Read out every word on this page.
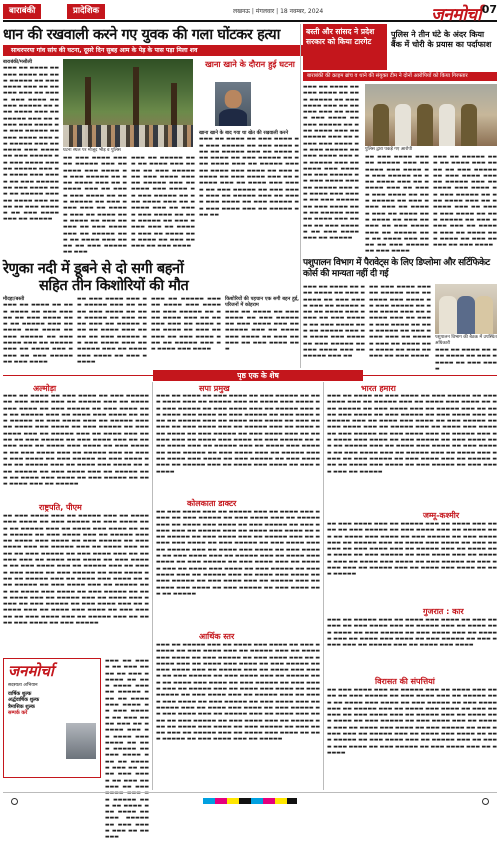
बाराबंकी	प्रादेशिक	लखनऊ | मंगलवार | 18 नवम्बर, 2024	जनमोर्चा 07
धान की रखवाली करने गए युवक की गला घोंटकर हत्या
साथरपरया गांव सांय की घटना, दूसरे दिन सुबह आम के पेड़ के पास पड़ा मिला शव
बाराबंकी/मसौली
▬▬▬ ▬▬ ▬▬▬▬ ▬▬ ▬▬▬ ▬▬▬▬ ▬▬ ▬▬▬ ▬▬▬▬▬ ▬▬ ▬▬▬ ▬▬▬▬ ▬▬▬ ▬▬ ▬▬▬▬▬ ▬▬▬ ▬▬ ▬▬▬▬ ▬▬▬ ▬▬▬▬ ▬▬ ▬▬▬ ▬▬▬▬▬ ▬▬ ▬▬▬ ▬▬▬▬ ▬▬▬ ▬▬ ▬▬▬▬▬ ▬▬▬ ▬▬ ▬▬▬▬ ▬▬▬ ▬▬▬▬ ▬▬ ▬▬▬ ▬▬▬▬▬ ▬▬ ▬▬▬ ▬▬▬▬ ▬▬▬ ▬▬ ▬▬▬▬▬ ▬▬▬ ▬▬ ▬▬▬▬ ▬▬▬ ▬▬▬▬ ▬▬ ▬▬▬ ▬▬▬▬▬ ▬▬ ▬▬▬ ▬▬▬▬ ▬▬▬ ▬▬ ▬▬▬▬▬ ▬▬▬ ▬▬ ▬▬▬▬ ▬▬▬ ▬▬▬▬ ▬▬ ▬▬▬ ▬▬▬▬▬ ▬▬ ▬▬▬ ▬▬▬▬ ▬▬▬ ▬▬ ▬▬▬▬▬ ▬▬▬ ▬▬ ▬▬▬▬ ▬▬▬ ▬▬▬▬ ▬▬ ▬▬▬ ▬▬▬▬▬ ▬▬ ▬▬▬ ▬▬▬▬ ▬▬▬ ▬▬ ▬▬▬▬▬
घटना स्थल पर मौजूद भीड़ व पुलिस
खाना खाने के दौरान हुई घटना
▬▬ ▬▬▬ ▬▬▬▬ ▬▬▬ ▬▬ ▬▬▬▬▬ ▬▬▬ ▬▬ ▬▬▬▬ ▬▬▬ ▬▬▬▬ ▬▬ ▬▬▬ ▬▬▬▬▬ ▬▬ ▬▬▬ ▬▬▬▬ ▬▬▬ ▬▬ ▬▬▬▬▬ ▬▬▬ ▬▬ ▬▬▬▬ ▬▬▬ ▬▬▬▬ ▬▬ ▬▬▬ ▬▬▬▬▬ ▬▬ ▬▬▬ ▬▬▬▬ ▬▬▬ ▬▬ ▬▬▬▬▬ ▬▬▬ ▬▬ ▬▬▬▬ ▬▬▬ ▬▬▬▬ ▬▬ ▬▬▬ ▬▬▬▬▬ ▬▬ ▬▬▬ ▬▬▬▬ ▬▬▬ ▬▬ ▬▬▬▬▬ ▬▬▬ ▬▬ ▬▬▬▬ ▬▬▬ ▬▬▬▬ ▬▬ ▬▬▬ ▬▬▬▬▬ ▬▬ ▬▬▬
▬▬▬ ▬▬ ▬▬▬▬▬ ▬▬▬ ▬▬ ▬▬▬▬ ▬▬▬ ▬▬▬▬ ▬▬ ▬▬▬ ▬▬▬▬▬ ▬▬ ▬▬▬ ▬▬▬▬ ▬▬▬ ▬▬ ▬▬▬▬▬ ▬▬▬ ▬▬ ▬▬▬▬ ▬▬▬ ▬▬▬▬ ▬▬ ▬▬▬ ▬▬▬▬▬ ▬▬ ▬▬▬ ▬▬▬▬ ▬▬▬ ▬▬ ▬▬▬▬▬ ▬▬▬ ▬▬ ▬▬▬▬ ▬▬▬ ▬▬▬▬ ▬▬ ▬▬▬ ▬▬▬▬▬ ▬▬ ▬▬▬ ▬▬▬▬ ▬▬▬ ▬▬ ▬▬▬▬▬ ▬▬▬ ▬▬ ▬▬▬▬ ▬▬▬ ▬▬▬▬ ▬▬ ▬▬▬ ▬▬▬▬▬ ▬▬ ▬▬▬ ▬▬▬▬
खाना खाने के बाद गया था खेत की रखवाली करने
▬▬▬ ▬▬ ▬▬▬▬ ▬▬ ▬▬▬ ▬▬▬▬ ▬▬ ▬▬▬ ▬▬▬▬▬ ▬▬ ▬▬▬ ▬▬▬▬ ▬▬▬ ▬▬ ▬▬▬▬▬ ▬▬▬ ▬▬ ▬▬▬▬ ▬▬▬ ▬▬▬▬ ▬▬ ▬▬▬ ▬▬▬▬▬ ▬▬ ▬▬▬ ▬▬▬▬ ▬▬▬ ▬▬ ▬▬▬▬▬ ▬▬▬ ▬▬ ▬▬▬▬ ▬▬▬ ▬▬▬▬ ▬▬ ▬▬▬ ▬▬▬▬▬ ▬▬ ▬▬▬ ▬▬▬▬ ▬▬▬ ▬▬ ▬▬▬▬▬ ▬▬▬ ▬▬ ▬▬▬▬ ▬▬▬ ▬▬▬▬ ▬▬ ▬▬▬ ▬▬▬▬▬ ▬▬ ▬▬▬ ▬▬▬▬ ▬▬▬ ▬▬ ▬▬▬▬▬ ▬▬▬ ▬▬ ▬▬▬▬ ▬▬▬ ▬▬▬▬ ▬▬ ▬▬▬ ▬▬▬▬▬ ▬▬ ▬▬▬ ▬▬▬▬ ▬▬▬ ▬▬ ▬▬▬▬▬ ▬▬▬ ▬▬
बस्ती और सांसद ने प्रदेश सरकार को किया टारगेट
पुलिस ने तीन घंटे के अंदर किया बैंक में चोरी के प्रयास का पर्दाफाश
बाराबंकी की क्राइम ब्रांच व थाने की संयुक्त टीम ने दोनों आरोपियों को किया गिरफ्तार
▬▬▬ ▬▬ ▬▬▬▬ ▬▬ ▬▬▬ ▬▬▬▬ ▬▬ ▬▬▬ ▬▬▬▬▬ ▬▬ ▬▬▬ ▬▬▬▬ ▬▬▬ ▬▬ ▬▬▬▬▬ ▬▬▬ ▬▬ ▬▬▬▬ ▬▬▬ ▬▬▬▬ ▬▬ ▬▬▬ ▬▬▬▬▬ ▬▬ ▬▬▬ ▬▬▬▬ ▬▬▬ ▬▬ ▬▬▬▬▬ ▬▬▬ ▬▬ ▬▬▬▬ ▬▬▬ ▬▬▬▬ ▬▬ ▬▬▬ ▬▬▬▬▬ ▬▬ ▬▬▬ ▬▬▬▬ ▬▬▬ ▬▬ ▬▬▬▬▬ ▬▬▬ ▬▬ ▬▬▬▬ ▬▬▬ ▬▬▬▬ ▬▬ ▬▬▬ ▬▬▬▬▬ ▬▬ ▬▬▬ ▬▬▬▬ ▬▬▬ ▬▬ ▬▬▬▬▬ ▬▬▬ ▬▬ ▬▬▬▬ ▬▬▬ ▬▬▬▬ ▬▬ ▬▬▬ ▬▬▬▬▬ ▬▬ ▬▬▬ ▬▬▬▬ ▬▬▬ ▬▬ ▬▬▬▬▬ ▬▬▬ ▬▬ ▬▬▬▬ ▬▬▬ ▬▬▬▬ ▬▬ ▬▬▬ ▬▬▬▬▬ ▬▬ ▬▬▬ ▬▬▬▬ ▬▬▬ ▬▬ ▬▬▬▬▬
पुलिस द्वारा पकड़े गए आरोपी
▬▬ ▬▬▬ ▬▬▬▬ ▬▬▬ ▬▬ ▬▬▬▬▬ ▬▬▬ ▬▬ ▬▬▬▬ ▬▬▬ ▬▬▬▬ ▬▬ ▬▬▬ ▬▬▬▬▬ ▬▬ ▬▬▬ ▬▬▬▬ ▬▬▬ ▬▬ ▬▬▬▬▬ ▬▬▬ ▬▬ ▬▬▬▬ ▬▬▬ ▬▬▬▬ ▬▬ ▬▬▬ ▬▬▬▬▬ ▬▬ ▬▬▬ ▬▬▬▬ ▬▬▬ ▬▬ ▬▬▬▬▬ ▬▬▬ ▬▬ ▬▬▬▬ ▬▬▬ ▬▬▬▬ ▬▬ ▬▬▬ ▬▬▬▬▬ ▬▬ ▬▬▬ ▬▬▬▬ ▬▬▬ ▬▬ ▬▬▬▬▬ ▬▬▬ ▬▬ ▬▬▬▬ ▬▬▬ ▬▬▬▬ ▬▬ ▬▬▬ ▬▬▬▬▬ ▬▬ ▬▬▬ ▬▬▬▬
▬▬▬ ▬▬ ▬▬▬▬▬ ▬▬▬ ▬▬ ▬▬▬▬ ▬▬▬ ▬▬▬▬ ▬▬ ▬▬▬ ▬▬▬▬▬ ▬▬ ▬▬▬ ▬▬▬▬ ▬▬▬ ▬▬ ▬▬▬▬▬ ▬▬▬ ▬▬ ▬▬▬▬ ▬▬▬ ▬▬▬▬ ▬▬ ▬▬▬ ▬▬▬▬▬ ▬▬ ▬▬▬ ▬▬▬▬ ▬▬▬ ▬▬ ▬▬▬▬▬ ▬▬▬ ▬▬ ▬▬▬▬ ▬▬▬ ▬▬▬▬ ▬▬ ▬▬▬ ▬▬▬▬▬ ▬▬ ▬▬▬ ▬▬▬▬ ▬▬▬ ▬▬ ▬▬▬▬▬ ▬▬▬ ▬▬ ▬▬▬▬ ▬▬▬ ▬▬▬▬ ▬▬ ▬▬▬ ▬▬▬▬▬ ▬▬ ▬▬▬ ▬▬▬▬
रेणुका नदी में डूबने से दो सगी बहनों
सहित तीन किशोरियों की मौत
मौदहा/बस्ती
▬▬▬ ▬▬ ▬▬▬▬ ▬▬ ▬▬▬ ▬▬▬▬ ▬▬ ▬▬▬ ▬▬▬▬▬ ▬▬ ▬▬▬ ▬▬▬▬ ▬▬▬ ▬▬ ▬▬▬▬▬ ▬▬▬ ▬▬ ▬▬▬▬ ▬▬▬ ▬▬▬▬ ▬▬ ▬▬▬ ▬▬▬▬▬ ▬▬ ▬▬▬ ▬▬▬▬ ▬▬▬ ▬▬ ▬▬▬▬▬ ▬▬▬ ▬▬ ▬▬▬▬ ▬▬▬ ▬▬▬▬ ▬▬ ▬▬▬ ▬▬▬▬▬ ▬▬ ▬▬▬ ▬▬▬▬
▬▬ ▬▬▬ ▬▬▬▬ ▬▬▬ ▬▬ ▬▬▬▬▬ ▬▬▬ ▬▬ ▬▬▬▬ ▬▬▬ ▬▬▬▬ ▬▬ ▬▬▬ ▬▬▬▬▬ ▬▬ ▬▬▬ ▬▬▬▬ ▬▬▬ ▬▬ ▬▬▬▬▬ ▬▬▬ ▬▬ ▬▬▬▬ ▬▬▬ ▬▬▬▬ ▬▬ ▬▬▬ ▬▬▬▬▬ ▬▬ ▬▬▬ ▬▬▬▬ ▬▬▬ ▬▬ ▬▬▬▬▬ ▬▬▬ ▬▬ ▬▬▬▬ ▬▬▬ ▬▬▬▬ ▬▬ ▬▬▬ ▬▬▬▬▬
▬▬▬ ▬▬ ▬▬▬▬▬ ▬▬▬ ▬▬ ▬▬▬▬ ▬▬▬ ▬▬▬▬ ▬▬ ▬▬▬ ▬▬▬▬▬ ▬▬ ▬▬▬ ▬▬▬▬ ▬▬▬ ▬▬ ▬▬▬▬▬ ▬▬▬ ▬▬ ▬▬▬▬ ▬▬▬ ▬▬▬▬ ▬▬ ▬▬▬ ▬▬▬▬▬ ▬▬ ▬▬▬ ▬▬▬▬ ▬▬▬ ▬▬ ▬▬▬▬▬ ▬▬▬ ▬▬ ▬▬▬▬ ▬▬▬ ▬▬▬▬
किशोरियों की पहचान एक सगी बहन हुई, परिजनों में कोहराम
▬▬▬ ▬▬ ▬▬▬▬ ▬▬ ▬▬▬ ▬▬▬▬ ▬▬ ▬▬▬ ▬▬▬▬▬ ▬▬ ▬▬▬ ▬▬▬▬ ▬▬▬ ▬▬ ▬▬▬▬▬ ▬▬▬ ▬▬ ▬▬▬▬ ▬▬▬ ▬▬▬▬ ▬▬ ▬▬▬ ▬▬▬▬▬ ▬▬ ▬▬▬ ▬▬▬▬ ▬▬▬
पशुपालन विभाग में पैरावेट्स के लिए डिप्लोमा और सर्टिफिकेट
कोर्स की मान्यता नहीं दी गई
▬▬▬ ▬▬ ▬▬▬▬ ▬▬ ▬▬▬ ▬▬▬▬ ▬▬ ▬▬▬ ▬▬▬▬▬ ▬▬ ▬▬▬ ▬▬▬▬ ▬▬▬ ▬▬ ▬▬▬▬▬ ▬▬▬ ▬▬ ▬▬▬▬ ▬▬▬ ▬▬▬▬ ▬▬ ▬▬▬ ▬▬▬▬▬ ▬▬ ▬▬▬ ▬▬▬▬ ▬▬▬ ▬▬ ▬▬▬▬▬ ▬▬▬ ▬▬ ▬▬▬▬ ▬▬▬ ▬▬▬▬ ▬▬ ▬▬▬ ▬▬▬▬▬ ▬▬ ▬▬▬ ▬▬▬▬ ▬▬▬ ▬▬ ▬▬▬▬▬ ▬▬▬ ▬▬
▬▬ ▬▬▬ ▬▬▬▬ ▬▬▬ ▬▬ ▬▬▬▬▬ ▬▬▬ ▬▬ ▬▬▬▬ ▬▬▬ ▬▬▬▬ ▬▬ ▬▬▬ ▬▬▬▬▬ ▬▬ ▬▬▬ ▬▬▬▬ ▬▬▬ ▬▬ ▬▬▬▬▬ ▬▬▬ ▬▬ ▬▬▬▬ ▬▬▬ ▬▬▬▬ ▬▬ ▬▬▬ ▬▬▬▬▬ ▬▬ ▬▬▬ ▬▬▬▬ ▬▬▬ ▬▬ ▬▬▬▬▬ ▬▬▬ ▬▬ ▬▬▬▬ ▬▬▬ ▬▬▬▬ ▬▬ ▬▬▬ ▬▬▬▬▬ ▬▬ ▬▬▬ ▬▬▬▬
पशुपालन विभाग की बैठक में उपस्थित अधिकारी
▬▬▬ ▬▬ ▬▬▬▬ ▬▬ ▬▬▬ ▬▬▬▬ ▬▬ ▬▬▬ ▬▬▬▬▬ ▬▬ ▬▬▬ ▬▬▬▬
पृष्ठ एक के शेष
अल्मोड़ा
▬▬▬ ▬▬ ▬▬▬▬ ▬▬ ▬▬▬ ▬▬▬▬ ▬▬ ▬▬▬ ▬▬▬▬▬ ▬▬ ▬▬▬ ▬▬▬▬ ▬▬▬ ▬▬ ▬▬▬▬▬ ▬▬▬ ▬▬ ▬▬▬▬ ▬▬▬ ▬▬▬▬ ▬▬ ▬▬▬ ▬▬▬▬▬ ▬▬ ▬▬▬ ▬▬▬▬ ▬▬▬ ▬▬ ▬▬▬▬▬ ▬▬▬ ▬▬ ▬▬▬▬ ▬▬▬ ▬▬▬▬ ▬▬ ▬▬▬ ▬▬▬▬▬ ▬▬ ▬▬▬ ▬▬▬▬ ▬▬▬ ▬▬ ▬▬▬▬▬ ▬▬▬ ▬▬ ▬▬▬▬ ▬▬▬ ▬▬▬▬ ▬▬ ▬▬▬ ▬▬▬▬▬ ▬▬ ▬▬▬ ▬▬▬▬ ▬▬▬ ▬▬ ▬▬▬▬▬ ▬▬▬ ▬▬ ▬▬▬▬ ▬▬▬ ▬▬▬▬ ▬▬ ▬▬▬ ▬▬▬▬▬ ▬▬ ▬▬▬ ▬▬▬▬ ▬▬▬ ▬▬ ▬▬▬▬▬ ▬▬▬ ▬▬ ▬▬▬▬ ▬▬▬ ▬▬▬▬ ▬▬ ▬▬▬ ▬▬▬▬▬ ▬▬ ▬▬▬ ▬▬▬▬ ▬▬▬ ▬▬ ▬▬▬▬▬ ▬▬▬ ▬▬ ▬▬▬▬ ▬▬▬ ▬▬▬▬ ▬▬ ▬▬▬ ▬▬▬▬▬ ▬▬ ▬▬▬ ▬▬▬▬ ▬▬▬ ▬▬ ▬▬▬▬▬ ▬▬▬ ▬▬ ▬▬▬▬ ▬▬▬ ▬▬▬▬ ▬▬ ▬▬▬ ▬▬▬▬▬ ▬▬ ▬▬▬ ▬▬▬▬ ▬▬▬ ▬▬ ▬▬▬▬▬ ▬▬▬ ▬▬ ▬▬▬▬ ▬▬▬ ▬▬▬▬ ▬▬ ▬▬▬ ▬▬▬▬▬ ▬▬ ▬▬▬ ▬▬▬▬ ▬▬▬ ▬▬ ▬▬▬▬▬
राष्ट्रपति, पीएम
▬▬ ▬▬▬ ▬▬▬▬ ▬▬▬ ▬▬ ▬▬▬▬▬ ▬▬▬ ▬▬ ▬▬▬▬ ▬▬▬ ▬▬▬▬ ▬▬ ▬▬▬ ▬▬▬▬▬ ▬▬ ▬▬▬ ▬▬▬▬ ▬▬▬ ▬▬ ▬▬▬▬▬ ▬▬▬ ▬▬ ▬▬▬▬ ▬▬▬ ▬▬▬▬ ▬▬ ▬▬▬ ▬▬▬▬▬ ▬▬ ▬▬▬ ▬▬▬▬ ▬▬▬ ▬▬ ▬▬▬▬▬ ▬▬▬ ▬▬ ▬▬▬▬ ▬▬▬ ▬▬▬▬ ▬▬ ▬▬▬ ▬▬▬▬▬ ▬▬ ▬▬▬ ▬▬▬▬ ▬▬▬ ▬▬ ▬▬▬▬▬ ▬▬▬ ▬▬ ▬▬▬▬ ▬▬▬ ▬▬▬▬ ▬▬ ▬▬▬ ▬▬▬▬▬ ▬▬ ▬▬▬ ▬▬▬▬ ▬▬▬ ▬▬ ▬▬▬▬▬ ▬▬▬ ▬▬ ▬▬▬▬ ▬▬▬ ▬▬▬▬ ▬▬ ▬▬▬ ▬▬▬▬▬ ▬▬ ▬▬▬ ▬▬▬▬ ▬▬▬ ▬▬ ▬▬▬▬▬ ▬▬▬ ▬▬ ▬▬▬▬ ▬▬▬ ▬▬▬▬ ▬▬ ▬▬▬ ▬▬▬▬▬ ▬▬ ▬▬▬ ▬▬▬▬ ▬▬▬ ▬▬ ▬▬▬▬▬ ▬▬▬ ▬▬ ▬▬▬▬ ▬▬▬ ▬▬▬▬ ▬▬ ▬▬▬ ▬▬▬▬▬ ▬▬ ▬▬▬ ▬▬▬▬ ▬▬▬ ▬▬ ▬▬▬▬▬ ▬▬▬ ▬▬ ▬▬▬▬ ▬▬▬ ▬▬▬▬ ▬▬ ▬▬▬ ▬▬▬▬▬ ▬▬ ▬▬▬ ▬▬▬▬ ▬▬▬ ▬▬ ▬▬▬▬▬ ▬▬▬ ▬▬ ▬▬▬▬ ▬▬▬ ▬▬▬▬ ▬▬ ▬▬▬ ▬▬▬▬▬ ▬▬ ▬▬▬ ▬▬▬▬ ▬▬▬ ▬▬ ▬▬▬▬▬ ▬▬▬ ▬▬ ▬▬▬▬ ▬▬▬ ▬▬▬▬ ▬▬ ▬▬▬ ▬▬▬▬▬ ▬▬ ▬▬▬ ▬▬▬▬ ▬▬▬ ▬▬ ▬▬▬▬▬ ▬▬▬ ▬▬ ▬▬▬▬ ▬▬▬ ▬▬▬▬ ▬▬ ▬▬▬ ▬▬▬▬▬
जनमोर्चा
सदस्यता अभियान
वार्षिक शुल्क
अर्द्धवार्षिक शुल्क
त्रैमासिक शुल्क
सम्पर्क करें
▬▬▬ ▬▬ ▬▬▬▬ ▬▬ ▬▬▬ ▬▬▬▬ ▬▬ ▬▬▬ ▬▬▬▬▬ ▬▬ ▬▬▬ ▬▬▬▬ ▬▬▬ ▬▬ ▬▬▬▬▬ ▬▬▬ ▬▬ ▬▬▬▬ ▬▬▬ ▬▬▬▬ ▬▬ ▬▬▬ ▬▬▬▬▬ ▬▬ ▬▬▬ ▬▬▬▬ ▬▬▬ ▬▬ ▬▬▬▬▬ ▬▬▬ ▬▬ ▬▬▬▬ ▬▬▬ ▬▬▬▬ ▬▬ ▬▬▬ ▬▬▬▬▬ ▬▬ ▬▬▬ ▬▬▬▬ ▬▬▬ ▬▬ ▬▬▬▬▬ ▬▬▬ ▬▬ ▬▬▬▬ ▬▬▬ ▬▬▬▬ ▬▬ ▬▬▬ ▬▬▬▬▬ ▬▬ ▬▬▬ ▬▬▬▬ ▬▬▬ ▬▬ ▬▬▬▬▬ ▬▬▬ ▬▬ ▬▬▬▬ ▬▬▬ ▬▬▬▬ ▬▬ ▬▬▬ ▬▬▬▬▬ ▬▬ ▬▬▬ ▬▬▬▬ ▬▬▬ ▬▬ ▬▬▬▬▬
सपा प्रमुख
▬▬▬ ▬▬ ▬▬▬▬ ▬▬ ▬▬▬ ▬▬▬▬ ▬▬ ▬▬▬ ▬▬▬▬▬ ▬▬ ▬▬▬ ▬▬▬▬ ▬▬▬ ▬▬ ▬▬▬▬▬ ▬▬▬ ▬▬ ▬▬▬▬ ▬▬▬ ▬▬▬▬ ▬▬ ▬▬▬ ▬▬▬▬▬ ▬▬ ▬▬▬ ▬▬▬▬ ▬▬▬ ▬▬ ▬▬▬▬▬ ▬▬▬ ▬▬ ▬▬▬▬ ▬▬▬ ▬▬▬▬ ▬▬ ▬▬▬ ▬▬▬▬▬ ▬▬ ▬▬▬ ▬▬▬▬ ▬▬▬ ▬▬ ▬▬▬▬▬ ▬▬▬ ▬▬ ▬▬▬▬ ▬▬▬ ▬▬▬▬ ▬▬ ▬▬▬ ▬▬▬▬▬ ▬▬ ▬▬▬ ▬▬▬▬ ▬▬▬ ▬▬ ▬▬▬▬▬ ▬▬▬ ▬▬ ▬▬▬▬ ▬▬▬ ▬▬▬▬ ▬▬ ▬▬▬ ▬▬▬▬▬ ▬▬ ▬▬▬ ▬▬▬▬ ▬▬▬ ▬▬ ▬▬▬▬▬ ▬▬▬ ▬▬ ▬▬▬▬ ▬▬▬ ▬▬▬▬ ▬▬ ▬▬▬ ▬▬▬▬▬ ▬▬ ▬▬▬ ▬▬▬▬ ▬▬▬ ▬▬ ▬▬▬▬▬ ▬▬▬ ▬▬ ▬▬▬▬ ▬▬▬ ▬▬▬▬ ▬▬ ▬▬▬ ▬▬▬▬▬ ▬▬ ▬▬▬ ▬▬▬▬ ▬▬▬ ▬▬ ▬▬▬▬▬ ▬▬▬ ▬▬ ▬▬▬▬ ▬▬▬ ▬▬▬▬ ▬▬ ▬▬▬ ▬▬▬▬▬ ▬▬ ▬▬▬ ▬▬▬▬ ▬▬▬ ▬▬ ▬▬▬▬▬ ▬▬▬ ▬▬ ▬▬▬▬ ▬▬▬ ▬▬▬▬ ▬▬ ▬▬▬ ▬▬▬▬▬
कोलकाता डाक्टर
▬▬ ▬▬▬ ▬▬▬▬ ▬▬▬ ▬▬ ▬▬▬▬▬ ▬▬▬ ▬▬ ▬▬▬▬ ▬▬▬ ▬▬▬▬ ▬▬ ▬▬▬ ▬▬▬▬▬ ▬▬ ▬▬▬ ▬▬▬▬ ▬▬▬ ▬▬ ▬▬▬▬▬ ▬▬▬ ▬▬ ▬▬▬▬ ▬▬▬ ▬▬▬▬ ▬▬ ▬▬▬ ▬▬▬▬▬ ▬▬ ▬▬▬ ▬▬▬▬ ▬▬▬ ▬▬ ▬▬▬▬▬ ▬▬▬ ▬▬ ▬▬▬▬ ▬▬▬ ▬▬▬▬ ▬▬ ▬▬▬ ▬▬▬▬▬ ▬▬ ▬▬▬ ▬▬▬▬ ▬▬▬ ▬▬ ▬▬▬▬▬ ▬▬▬ ▬▬ ▬▬▬▬ ▬▬▬ ▬▬▬▬ ▬▬ ▬▬▬ ▬▬▬▬▬ ▬▬ ▬▬▬ ▬▬▬▬ ▬▬▬ ▬▬ ▬▬▬▬▬ ▬▬▬ ▬▬ ▬▬▬▬ ▬▬▬ ▬▬▬▬ ▬▬ ▬▬▬ ▬▬▬▬▬ ▬▬ ▬▬▬ ▬▬▬▬ ▬▬▬ ▬▬ ▬▬▬▬▬ ▬▬▬ ▬▬ ▬▬▬▬ ▬▬▬ ▬▬▬▬ ▬▬ ▬▬▬ ▬▬▬▬▬ ▬▬ ▬▬▬ ▬▬▬▬ ▬▬▬ ▬▬ ▬▬▬▬▬ ▬▬▬ ▬▬ ▬▬▬▬ ▬▬▬ ▬▬▬▬ ▬▬ ▬▬▬ ▬▬▬▬▬ ▬▬ ▬▬▬ ▬▬▬▬ ▬▬▬ ▬▬ ▬▬▬▬▬ ▬▬▬ ▬▬ ▬▬▬▬ ▬▬▬ ▬▬▬▬ ▬▬ ▬▬▬ ▬▬▬▬▬ ▬▬ ▬▬▬ ▬▬▬▬ ▬▬▬ ▬▬ ▬▬▬▬▬ ▬▬▬ ▬▬ ▬▬▬▬ ▬▬▬ ▬▬▬▬ ▬▬ ▬▬▬ ▬▬▬▬▬ ▬▬ ▬▬▬ ▬▬▬▬ ▬▬▬ ▬▬ ▬▬▬▬▬
आर्थिक स्तर
▬▬▬ ▬▬ ▬▬▬▬▬ ▬▬▬ ▬▬ ▬▬▬▬ ▬▬▬ ▬▬▬▬ ▬▬ ▬▬▬ ▬▬▬▬▬ ▬▬ ▬▬▬ ▬▬▬▬ ▬▬▬ ▬▬ ▬▬▬▬▬ ▬▬▬ ▬▬ ▬▬▬▬ ▬▬▬ ▬▬▬▬ ▬▬ ▬▬▬ ▬▬▬▬▬ ▬▬ ▬▬▬ ▬▬▬▬ ▬▬▬ ▬▬ ▬▬▬▬▬ ▬▬▬ ▬▬ ▬▬▬▬ ▬▬▬ ▬▬▬▬ ▬▬ ▬▬▬ ▬▬▬▬▬ ▬▬ ▬▬▬ ▬▬▬▬ ▬▬▬ ▬▬ ▬▬▬▬▬ ▬▬▬ ▬▬ ▬▬▬▬ ▬▬▬ ▬▬▬▬ ▬▬ ▬▬▬ ▬▬▬▬▬ ▬▬ ▬▬▬ ▬▬▬▬ ▬▬▬ ▬▬ ▬▬▬▬▬ ▬▬▬ ▬▬ ▬▬▬▬ ▬▬▬ ▬▬▬▬ ▬▬ ▬▬▬ ▬▬▬▬▬ ▬▬ ▬▬▬ ▬▬▬▬ ▬▬▬ ▬▬ ▬▬▬▬▬ ▬▬▬ ▬▬ ▬▬▬▬ ▬▬▬ ▬▬▬▬ ▬▬ ▬▬▬ ▬▬▬▬▬ ▬▬ ▬▬▬ ▬▬▬▬ ▬▬▬ ▬▬ ▬▬▬▬▬ ▬▬▬ ▬▬ ▬▬▬▬ ▬▬▬ ▬▬▬▬ ▬▬ ▬▬▬ ▬▬▬▬▬ ▬▬ ▬▬▬ ▬▬▬▬ ▬▬▬ ▬▬ ▬▬▬▬▬ ▬▬▬ ▬▬ ▬▬▬▬ ▬▬▬ ▬▬▬▬ ▬▬ ▬▬▬ ▬▬▬▬▬ ▬▬ ▬▬▬ ▬▬▬▬ ▬▬▬ ▬▬ ▬▬▬▬▬ ▬▬▬ ▬▬ ▬▬▬▬ ▬▬▬ ▬▬▬▬ ▬▬ ▬▬▬ ▬▬▬▬▬ ▬▬ ▬▬▬ ▬▬▬▬ ▬▬▬ ▬▬ ▬▬▬▬▬ ▬▬▬ ▬▬ ▬▬▬▬ ▬▬▬ ▬▬▬▬ ▬▬ ▬▬▬ ▬▬▬▬▬ ▬▬ ▬▬▬ ▬▬▬▬ ▬▬▬ ▬▬ ▬▬▬▬▬ ▬▬▬ ▬▬ ▬▬▬▬ ▬▬▬ ▬▬▬▬ ▬▬ ▬▬▬ ▬▬▬▬▬ ▬▬ ▬▬▬ ▬▬▬▬ ▬▬▬ ▬▬ ▬▬▬▬▬
भारत हमारा
▬▬▬ ▬▬ ▬▬▬▬ ▬▬ ▬▬▬ ▬▬▬▬ ▬▬ ▬▬▬ ▬▬▬▬▬ ▬▬ ▬▬▬ ▬▬▬▬ ▬▬▬ ▬▬ ▬▬▬▬▬ ▬▬▬ ▬▬ ▬▬▬▬ ▬▬▬ ▬▬▬▬ ▬▬ ▬▬▬ ▬▬▬▬▬ ▬▬ ▬▬▬ ▬▬▬▬ ▬▬▬ ▬▬ ▬▬▬▬▬ ▬▬▬ ▬▬ ▬▬▬▬ ▬▬▬ ▬▬▬▬ ▬▬ ▬▬▬ ▬▬▬▬▬ ▬▬ ▬▬▬ ▬▬▬▬ ▬▬▬ ▬▬ ▬▬▬▬▬ ▬▬▬ ▬▬ ▬▬▬▬ ▬▬▬ ▬▬▬▬ ▬▬ ▬▬▬ ▬▬▬▬▬ ▬▬ ▬▬▬ ▬▬▬▬ ▬▬▬ ▬▬ ▬▬▬▬▬ ▬▬▬ ▬▬ ▬▬▬▬ ▬▬▬ ▬▬▬▬ ▬▬ ▬▬▬ ▬▬▬▬▬ ▬▬ ▬▬▬ ▬▬▬▬ ▬▬▬ ▬▬ ▬▬▬▬▬ ▬▬▬ ▬▬ ▬▬▬▬ ▬▬▬ ▬▬▬▬ ▬▬ ▬▬▬ ▬▬▬▬▬ ▬▬ ▬▬▬ ▬▬▬▬ ▬▬▬ ▬▬ ▬▬▬▬▬ ▬▬▬ ▬▬ ▬▬▬▬ ▬▬▬ ▬▬▬▬ ▬▬ ▬▬▬ ▬▬▬▬▬ ▬▬ ▬▬▬ ▬▬▬▬ ▬▬▬ ▬▬ ▬▬▬▬▬ ▬▬▬ ▬▬ ▬▬▬▬ ▬▬▬ ▬▬▬▬ ▬▬ ▬▬▬ ▬▬▬▬▬ ▬▬ ▬▬▬ ▬▬▬▬ ▬▬▬ ▬▬ ▬▬▬▬▬ ▬▬▬ ▬▬ ▬▬▬▬ ▬▬▬ ▬▬▬▬ ▬▬ ▬▬▬ ▬▬▬▬▬ ▬▬ ▬▬▬ ▬▬▬▬ ▬▬▬ ▬▬ ▬▬▬▬▬
जम्मू-कश्मीर
▬▬ ▬▬▬ ▬▬▬▬ ▬▬▬ ▬▬ ▬▬▬▬▬ ▬▬▬ ▬▬ ▬▬▬▬ ▬▬▬ ▬▬▬▬ ▬▬ ▬▬▬ ▬▬▬▬▬ ▬▬ ▬▬▬ ▬▬▬▬ ▬▬▬ ▬▬ ▬▬▬▬▬ ▬▬▬ ▬▬ ▬▬▬▬ ▬▬▬ ▬▬▬▬ ▬▬ ▬▬▬ ▬▬▬▬▬ ▬▬ ▬▬▬ ▬▬▬▬ ▬▬▬ ▬▬ ▬▬▬▬▬ ▬▬▬ ▬▬ ▬▬▬▬ ▬▬▬ ▬▬▬▬ ▬▬ ▬▬▬ ▬▬▬▬▬ ▬▬ ▬▬▬ ▬▬▬▬ ▬▬▬ ▬▬ ▬▬▬▬▬ ▬▬▬ ▬▬ ▬▬▬▬ ▬▬▬ ▬▬▬▬ ▬▬ ▬▬▬ ▬▬▬▬▬ ▬▬ ▬▬▬ ▬▬▬▬ ▬▬▬ ▬▬ ▬▬▬▬▬ ▬▬▬ ▬▬ ▬▬▬▬ ▬▬▬ ▬▬▬▬ ▬▬ ▬▬▬ ▬▬▬▬▬ ▬▬ ▬▬▬ ▬▬▬▬ ▬▬▬ ▬▬ ▬▬▬▬▬ ▬▬▬ ▬▬ ▬▬▬▬ ▬▬▬ ▬▬▬▬ ▬▬ ▬▬▬ ▬▬▬▬▬
गुजरात : कार
▬▬▬ ▬▬ ▬▬▬▬▬ ▬▬▬ ▬▬ ▬▬▬▬ ▬▬▬ ▬▬▬▬ ▬▬ ▬▬▬ ▬▬▬▬▬ ▬▬ ▬▬▬ ▬▬▬▬ ▬▬▬ ▬▬ ▬▬▬▬▬ ▬▬▬ ▬▬ ▬▬▬▬ ▬▬▬ ▬▬▬▬ ▬▬ ▬▬▬ ▬▬▬▬▬ ▬▬ ▬▬▬ ▬▬▬▬ ▬▬▬ ▬▬ ▬▬▬▬▬ ▬▬▬ ▬▬ ▬▬▬▬ ▬▬▬ ▬▬▬▬ ▬▬ ▬▬▬ ▬▬▬▬▬ ▬▬ ▬▬▬ ▬▬▬▬ ▬▬▬ ▬▬ ▬▬▬▬▬ ▬▬▬ ▬▬ ▬▬▬▬ ▬▬▬ ▬▬▬▬
विरासत की संपत्तियां
▬▬ ▬▬▬ ▬▬▬▬ ▬▬▬ ▬▬ ▬▬▬▬▬ ▬▬▬ ▬▬ ▬▬▬▬ ▬▬▬ ▬▬▬▬ ▬▬ ▬▬▬ ▬▬▬▬▬ ▬▬ ▬▬▬ ▬▬▬▬ ▬▬▬ ▬▬ ▬▬▬▬▬ ▬▬▬ ▬▬ ▬▬▬▬ ▬▬▬ ▬▬▬▬ ▬▬ ▬▬▬ ▬▬▬▬▬ ▬▬ ▬▬▬ ▬▬▬▬ ▬▬▬ ▬▬ ▬▬▬▬▬ ▬▬▬ ▬▬ ▬▬▬▬ ▬▬▬ ▬▬▬▬ ▬▬ ▬▬▬ ▬▬▬▬▬ ▬▬ ▬▬▬ ▬▬▬▬ ▬▬▬ ▬▬ ▬▬▬▬▬ ▬▬▬ ▬▬ ▬▬▬▬ ▬▬▬ ▬▬▬▬ ▬▬ ▬▬▬ ▬▬▬▬▬ ▬▬ ▬▬▬ ▬▬▬▬ ▬▬▬ ▬▬ ▬▬▬▬▬ ▬▬▬ ▬▬ ▬▬▬▬ ▬▬▬ ▬▬▬▬ ▬▬ ▬▬▬ ▬▬▬▬▬ ▬▬ ▬▬▬ ▬▬▬▬ ▬▬▬ ▬▬ ▬▬▬▬▬ ▬▬▬ ▬▬ ▬▬▬▬ ▬▬▬ ▬▬▬▬ ▬▬ ▬▬▬ ▬▬▬▬▬ ▬▬ ▬▬▬ ▬▬▬▬ ▬▬▬ ▬▬ ▬▬▬▬▬ ▬▬▬ ▬▬ ▬▬▬▬ ▬▬▬ ▬▬▬▬ ▬▬ ▬▬▬ ▬▬▬▬▬ ▬▬ ▬▬▬ ▬▬▬▬ ▬▬▬ ▬▬ ▬▬▬▬▬
